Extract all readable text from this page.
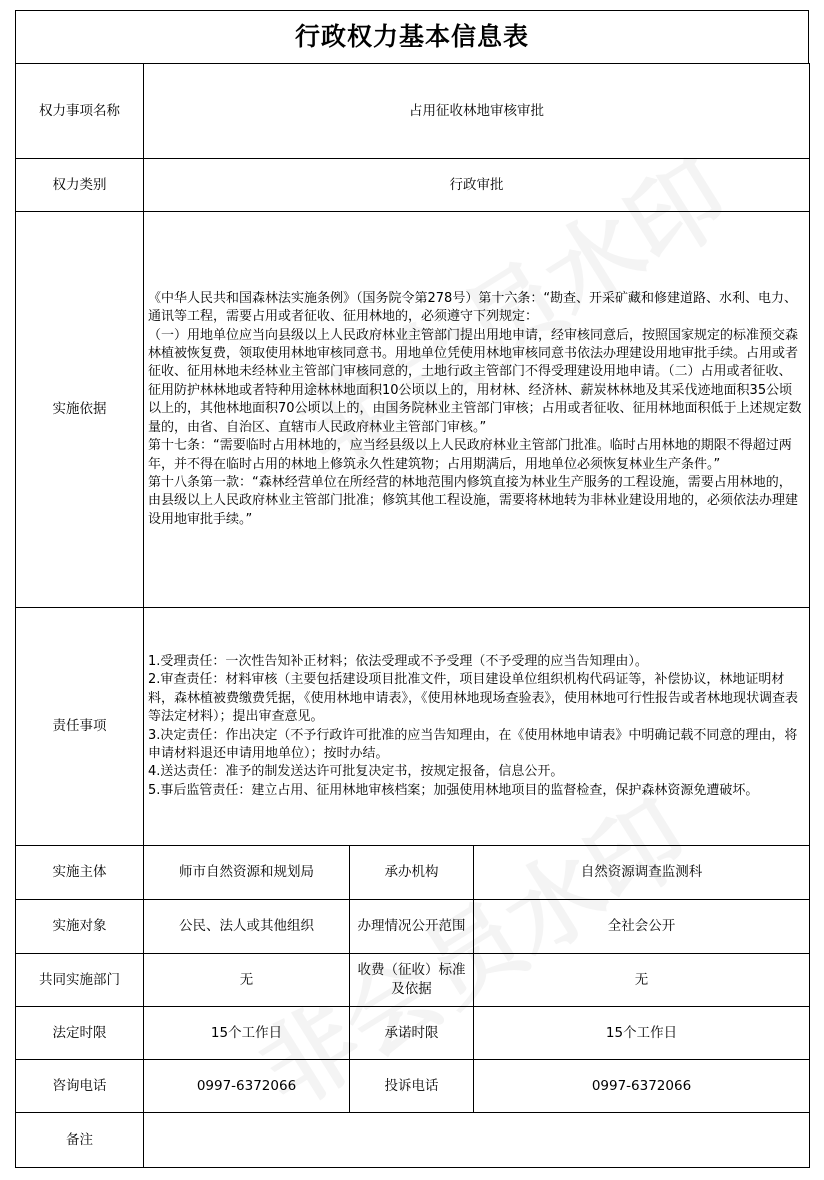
行政权力基本信息表
权力事项名称	占用征收林地审核审批		
权力类别	行政审批		
实施依据	《中华人民共和国森林法实施条例》（国务院令第278号）第十六条：“勘查、开采矿藏和修建道路、水利、电力、通讯等工程，需要占用或者征收、征用林地的，必须遵守下列规定：

（一）用地单位应当向县级以上人民政府林业主管部门提出用地申请，经审核同意后，按照国家规定的标准预交森林植被恢复费，领取使用林地审核同意书。用地单位凭使用林地审核同意书依法办理建设用地审批手续。占用或者征收、征用林地未经林业主管部门审核同意的，土地行政主管部门不得受理建设用地申请。（二）占用或者征收、征用防护林林地或者特种用途林林地面积10公顷以上的，用材林、经济林、薪炭林林地及其采伐迹地面积35公顷以上的，其他林地面积70公顷以上的，由国务院林业主管部门审核；占用或者征收、征用林地面积低于上述规定数量的，由省、自治区、直辖市人民政府林业主管部门审核。”

第十七条：“需要临时占用林地的，应当经县级以上人民政府林业主管部门批准。临时占用林地的期限不得超过两年，并不得在临时占用的林地上修筑永久性建筑物；占用期满后，用地单位必须恢复林业生产条件。”

第十八条第一款：“森林经营单位在所经营的林地范围内修筑直接为林业生产服务的工程设施，需要占用林地的，由县级以上人民政府林业主管部门批准；修筑其他工程设施，需要将林地转为非林业建设用地的，必须依法办理建设用地审批手续。”		

责任事项	1.受理责任：一次性告知补正材料；依法受理或不予受理（不予受理的应当告知理由）。

2.审查责任：材料审核（主要包括建设项目批准文件，项目建设单位组织机构代码证等，补偿协议，林地证明材料，森林植被费缴费凭据，《使用林地申请表》，《使用林地现场查验表》，使用林地可行性报告或者林地现状调查表等法定材料）；提出审查意见。

3.决定责任：作出决定（不予行政许可批准的应当告知理由，在《使用林地申请表》中明确记载不同意的理由，将申请材料退还申请用地单位）；按时办结。

4.送达责任：准予的制发送达许可批复决定书，按规定报备，信息公开。

5.事后监管责任：建立占用、征用林地审核档案；加强使用林地项目的监督检查，保护森林资源免遭破坏。		

实施主体	师市自然资源和规划局	承办机构	自然资源调查监测科
实施对象	公民、法人或其他组织	办理情况公开范围	全社会公开
共同实施部门	无	收费（征收）标准及依据	无
法定时限	15个工作日	承诺时限	15个工作日
咨询电话	0997-6372066	投诉电话	0997-6372066
备注			
